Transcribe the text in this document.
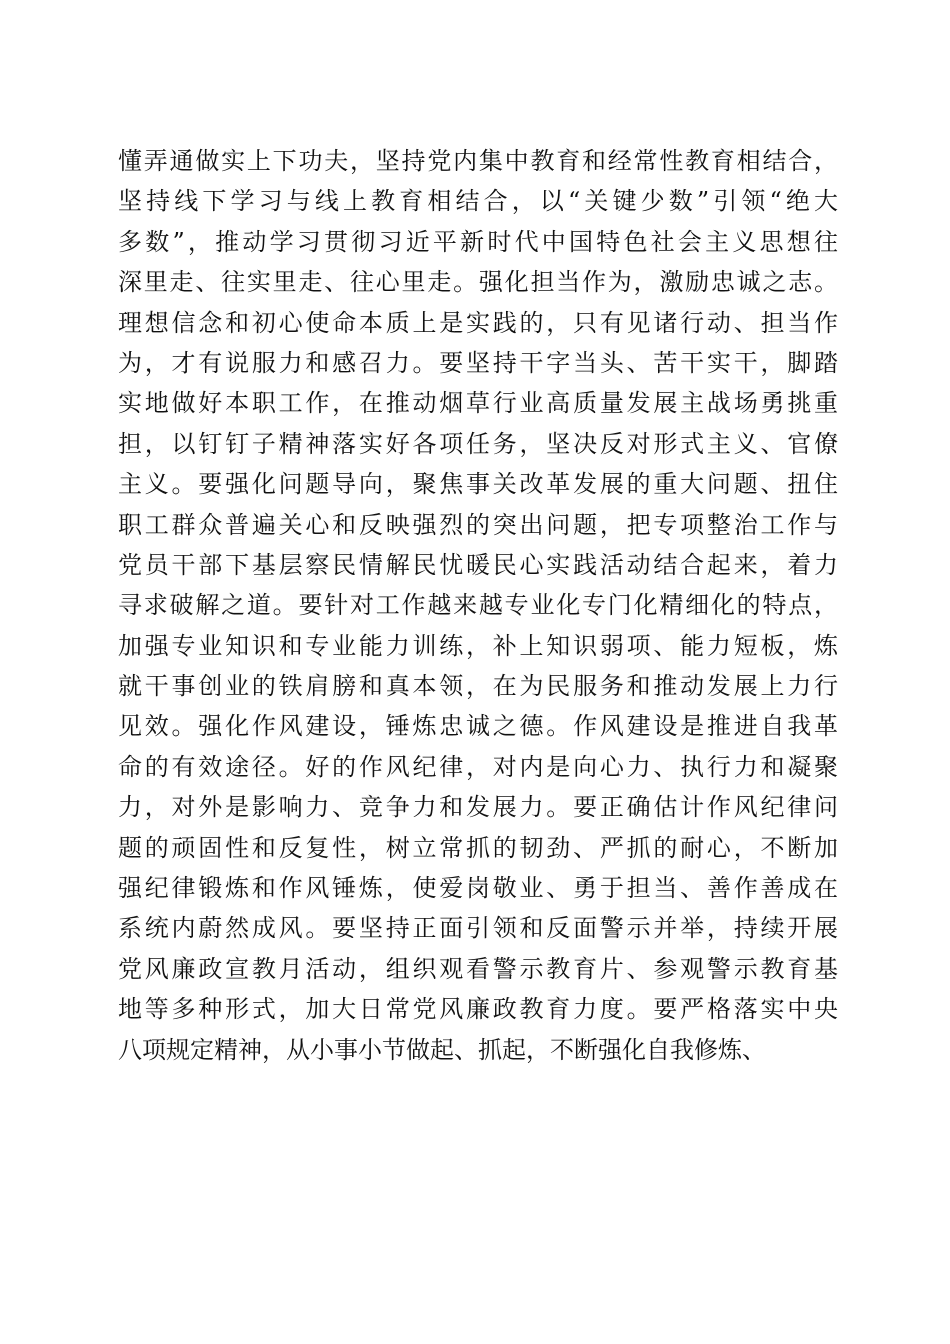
懂弄通做实上下功夫，坚持党内集中教育和经常性教育相结合，
坚持线下学习与线上教育相结合，以“关键少数”引领“绝大
多数”，推动学习贯彻习近平新时代中国特色社会主义思想往
深里走、往实里走、往心里走。强化担当作为，激励忠诚之志。
理想信念和初心使命本质上是实践的，只有见诸行动、担当作
为，才有说服力和感召力。要坚持干字当头、苦干实干，脚踏
实地做好本职工作，在推动烟草行业高质量发展主战场勇挑重
担，以钉钉子精神落实好各项任务，坚决反对形式主义、官僚
主义。要强化问题导向，聚焦事关改革发展的重大问题、扭住
职工群众普遍关心和反映强烈的突出问题，把专项整治工作与
党员干部下基层察民情解民忧暖民心实践活动结合起来，着力
寻求破解之道。要针对工作越来越专业化专门化精细化的特点，
加强专业知识和专业能力训练，补上知识弱项、能力短板，炼
就干事创业的铁肩膀和真本领，在为民服务和推动发展上力行
见效。强化作风建设，锤炼忠诚之德。作风建设是推进自我革
命的有效途径。好的作风纪律，对内是向心力、执行力和凝聚
力，对外是影响力、竞争力和发展力。要正确估计作风纪律问
题的顽固性和反复性，树立常抓的韧劲、严抓的耐心，不断加
强纪律锻炼和作风锤炼，使爱岗敬业、勇于担当、善作善成在
系统内蔚然成风。要坚持正面引领和反面警示并举，持续开展
党风廉政宣教月活动，组织观看警示教育片、参观警示教育基
地等多种形式，加大日常党风廉政教育力度。要严格落实中央
八项规定精神，从小事小节做起、抓起，不断强化自我修炼、
